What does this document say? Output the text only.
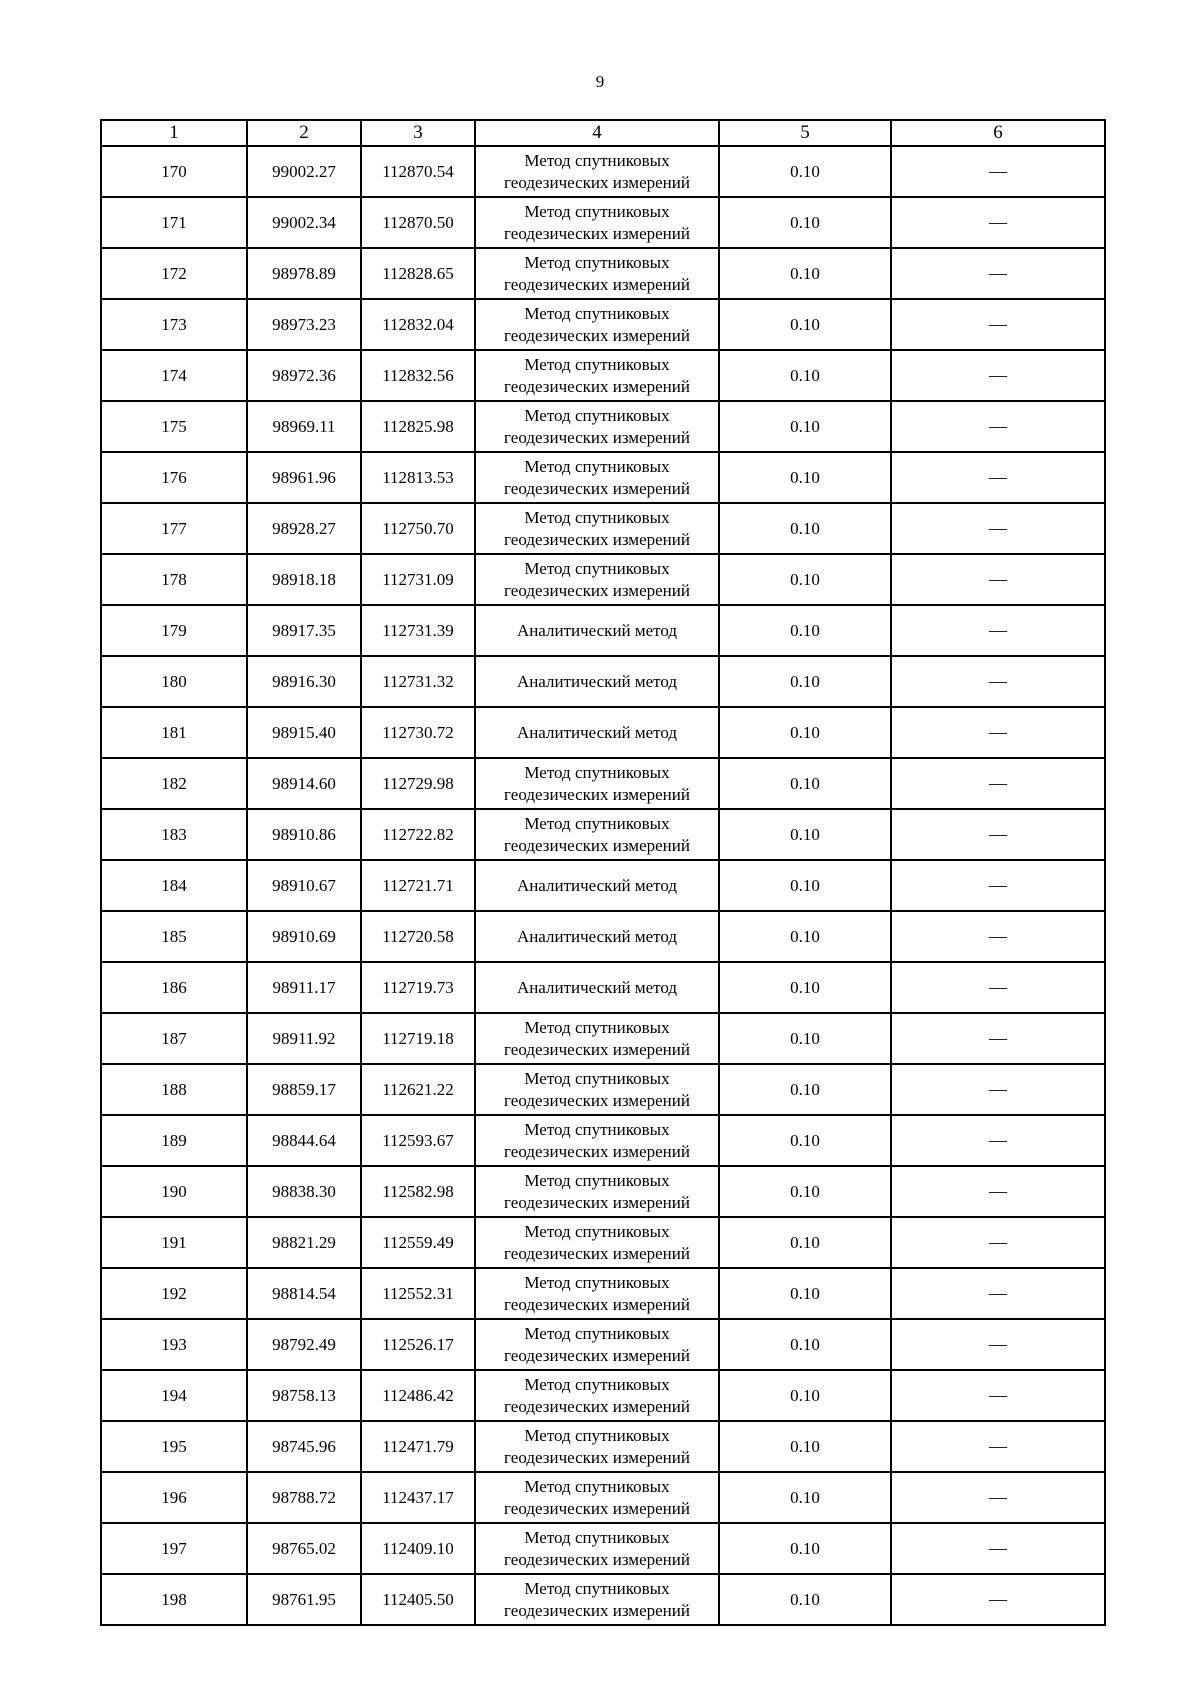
9
1	2	3	4	5	6
170	99002.27	112870.54	Метод спутниковых геодезических измерений	0.10	—
171	99002.34	112870.50	Метод спутниковых геодезических измерений	0.10	—
172	98978.89	112828.65	Метод спутниковых геодезических измерений	0.10	—
173	98973.23	112832.04	Метод спутниковых геодезических измерений	0.10	—
174	98972.36	112832.56	Метод спутниковых геодезических измерений	0.10	—
175	98969.11	112825.98	Метод спутниковых геодезических измерений	0.10	—
176	98961.96	112813.53	Метод спутниковых геодезических измерений	0.10	—
177	98928.27	112750.70	Метод спутниковых геодезических измерений	0.10	—
178	98918.18	112731.09	Метод спутниковых геодезических измерений	0.10	—
179	98917.35	112731.39	Аналитический метод	0.10	—
180	98916.30	112731.32	Аналитический метод	0.10	—
181	98915.40	112730.72	Аналитический метод	0.10	—
182	98914.60	112729.98	Метод спутниковых геодезических измерений	0.10	—
183	98910.86	112722.82	Метод спутниковых геодезических измерений	0.10	—
184	98910.67	112721.71	Аналитический метод	0.10	—
185	98910.69	112720.58	Аналитический метод	0.10	—
186	98911.17	112719.73	Аналитический метод	0.10	—
187	98911.92	112719.18	Метод спутниковых геодезических измерений	0.10	—
188	98859.17	112621.22	Метод спутниковых геодезических измерений	0.10	—
189	98844.64	112593.67	Метод спутниковых геодезических измерений	0.10	—
190	98838.30	112582.98	Метод спутниковых геодезических измерений	0.10	—
191	98821.29	112559.49	Метод спутниковых геодезических измерений	0.10	—
192	98814.54	112552.31	Метод спутниковых геодезических измерений	0.10	—
193	98792.49	112526.17	Метод спутниковых геодезических измерений	0.10	—
194	98758.13	112486.42	Метод спутниковых геодезических измерений	0.10	—
195	98745.96	112471.79	Метод спутниковых геодезических измерений	0.10	—
196	98788.72	112437.17	Метод спутниковых геодезических измерений	0.10	—
197	98765.02	112409.10	Метод спутниковых геодезических измерений	0.10	—
198	98761.95	112405.50	Метод спутниковых геодезических измерений	0.10	—
